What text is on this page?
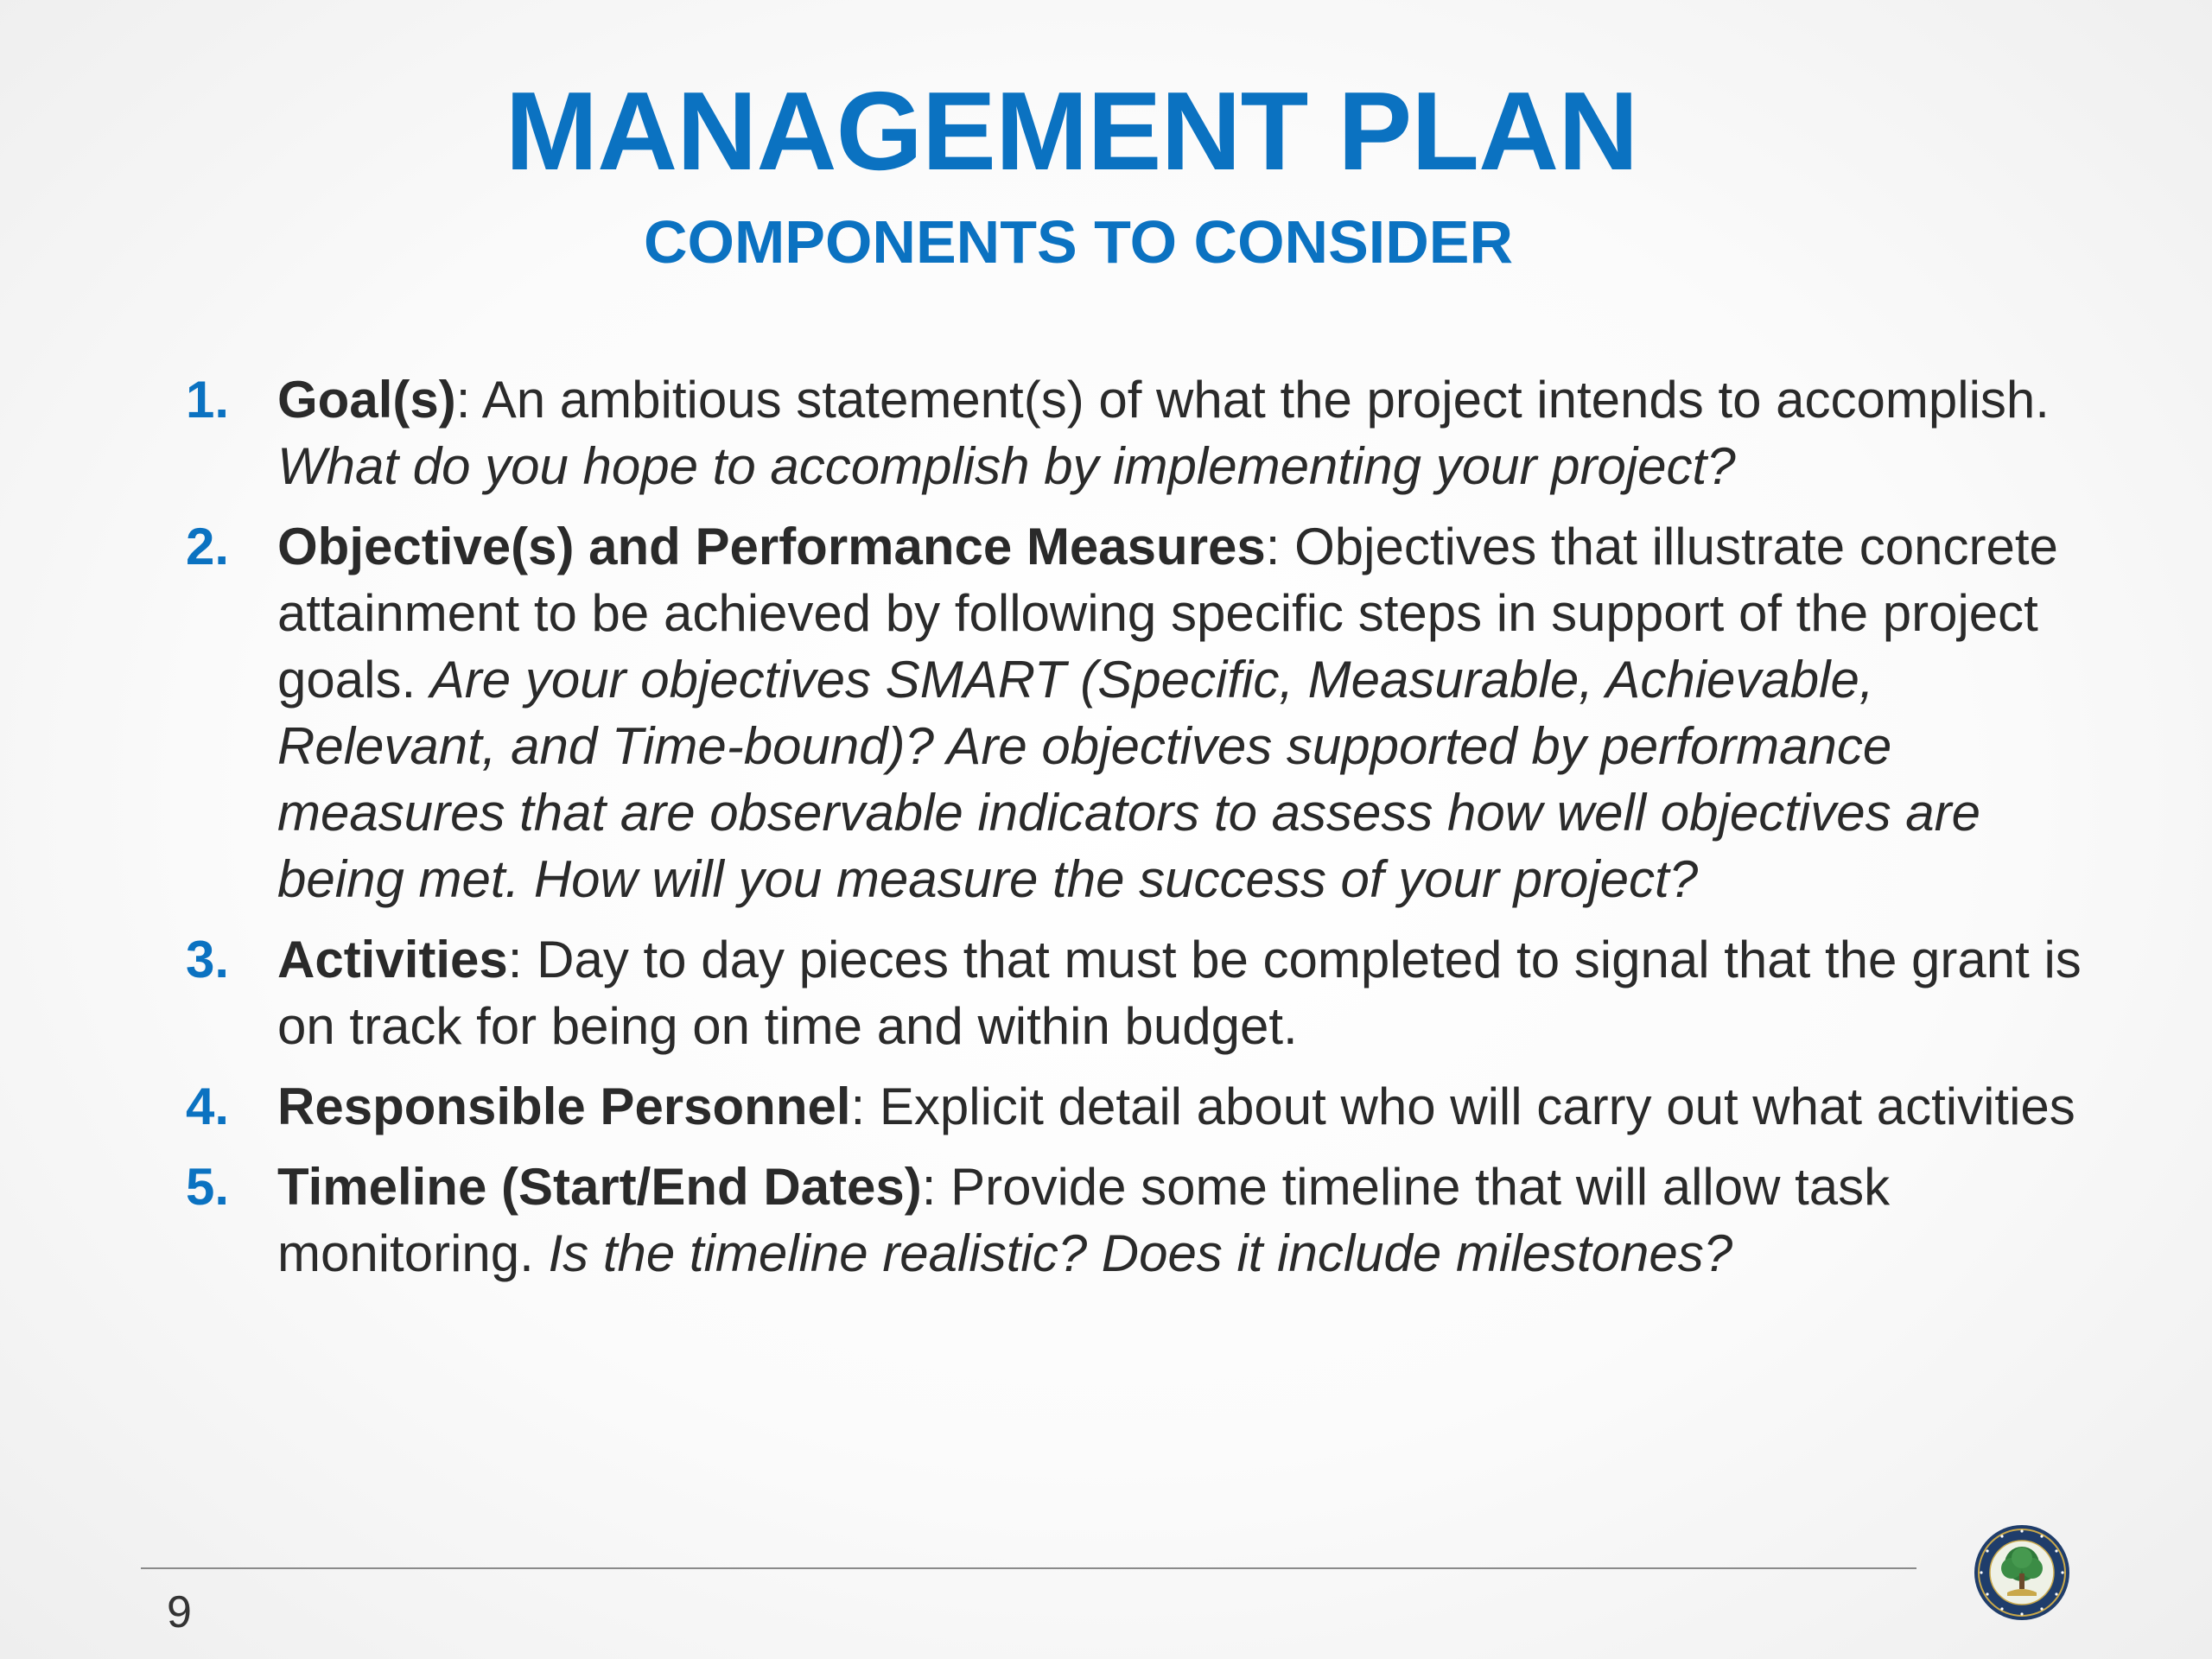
MANAGEMENT PLAN
COMPONENTS TO CONSIDER
1. Goal(s): An ambitious statement(s) of what the project intends to accomplish. What do you hope to accomplish by implementing your project?
2. Objective(s) and Performance Measures: Objectives that illustrate concrete attainment to be achieved by following specific steps in support of the project goals. Are your objectives SMART (Specific, Measurable, Achievable, Relevant, and Time-bound)? Are objectives supported by performance measures that are observable indicators to assess how well objectives are being met. How will you measure the success of your project?
3. Activities: Day to day pieces that must be completed to signal that the grant is on track for being on time and within budget.
4. Responsible Personnel: Explicit detail about who will carry out what activities
5. Timeline (Start/End Dates): Provide some timeline that will allow task monitoring. Is the timeline realistic? Does it include milestones?
9
